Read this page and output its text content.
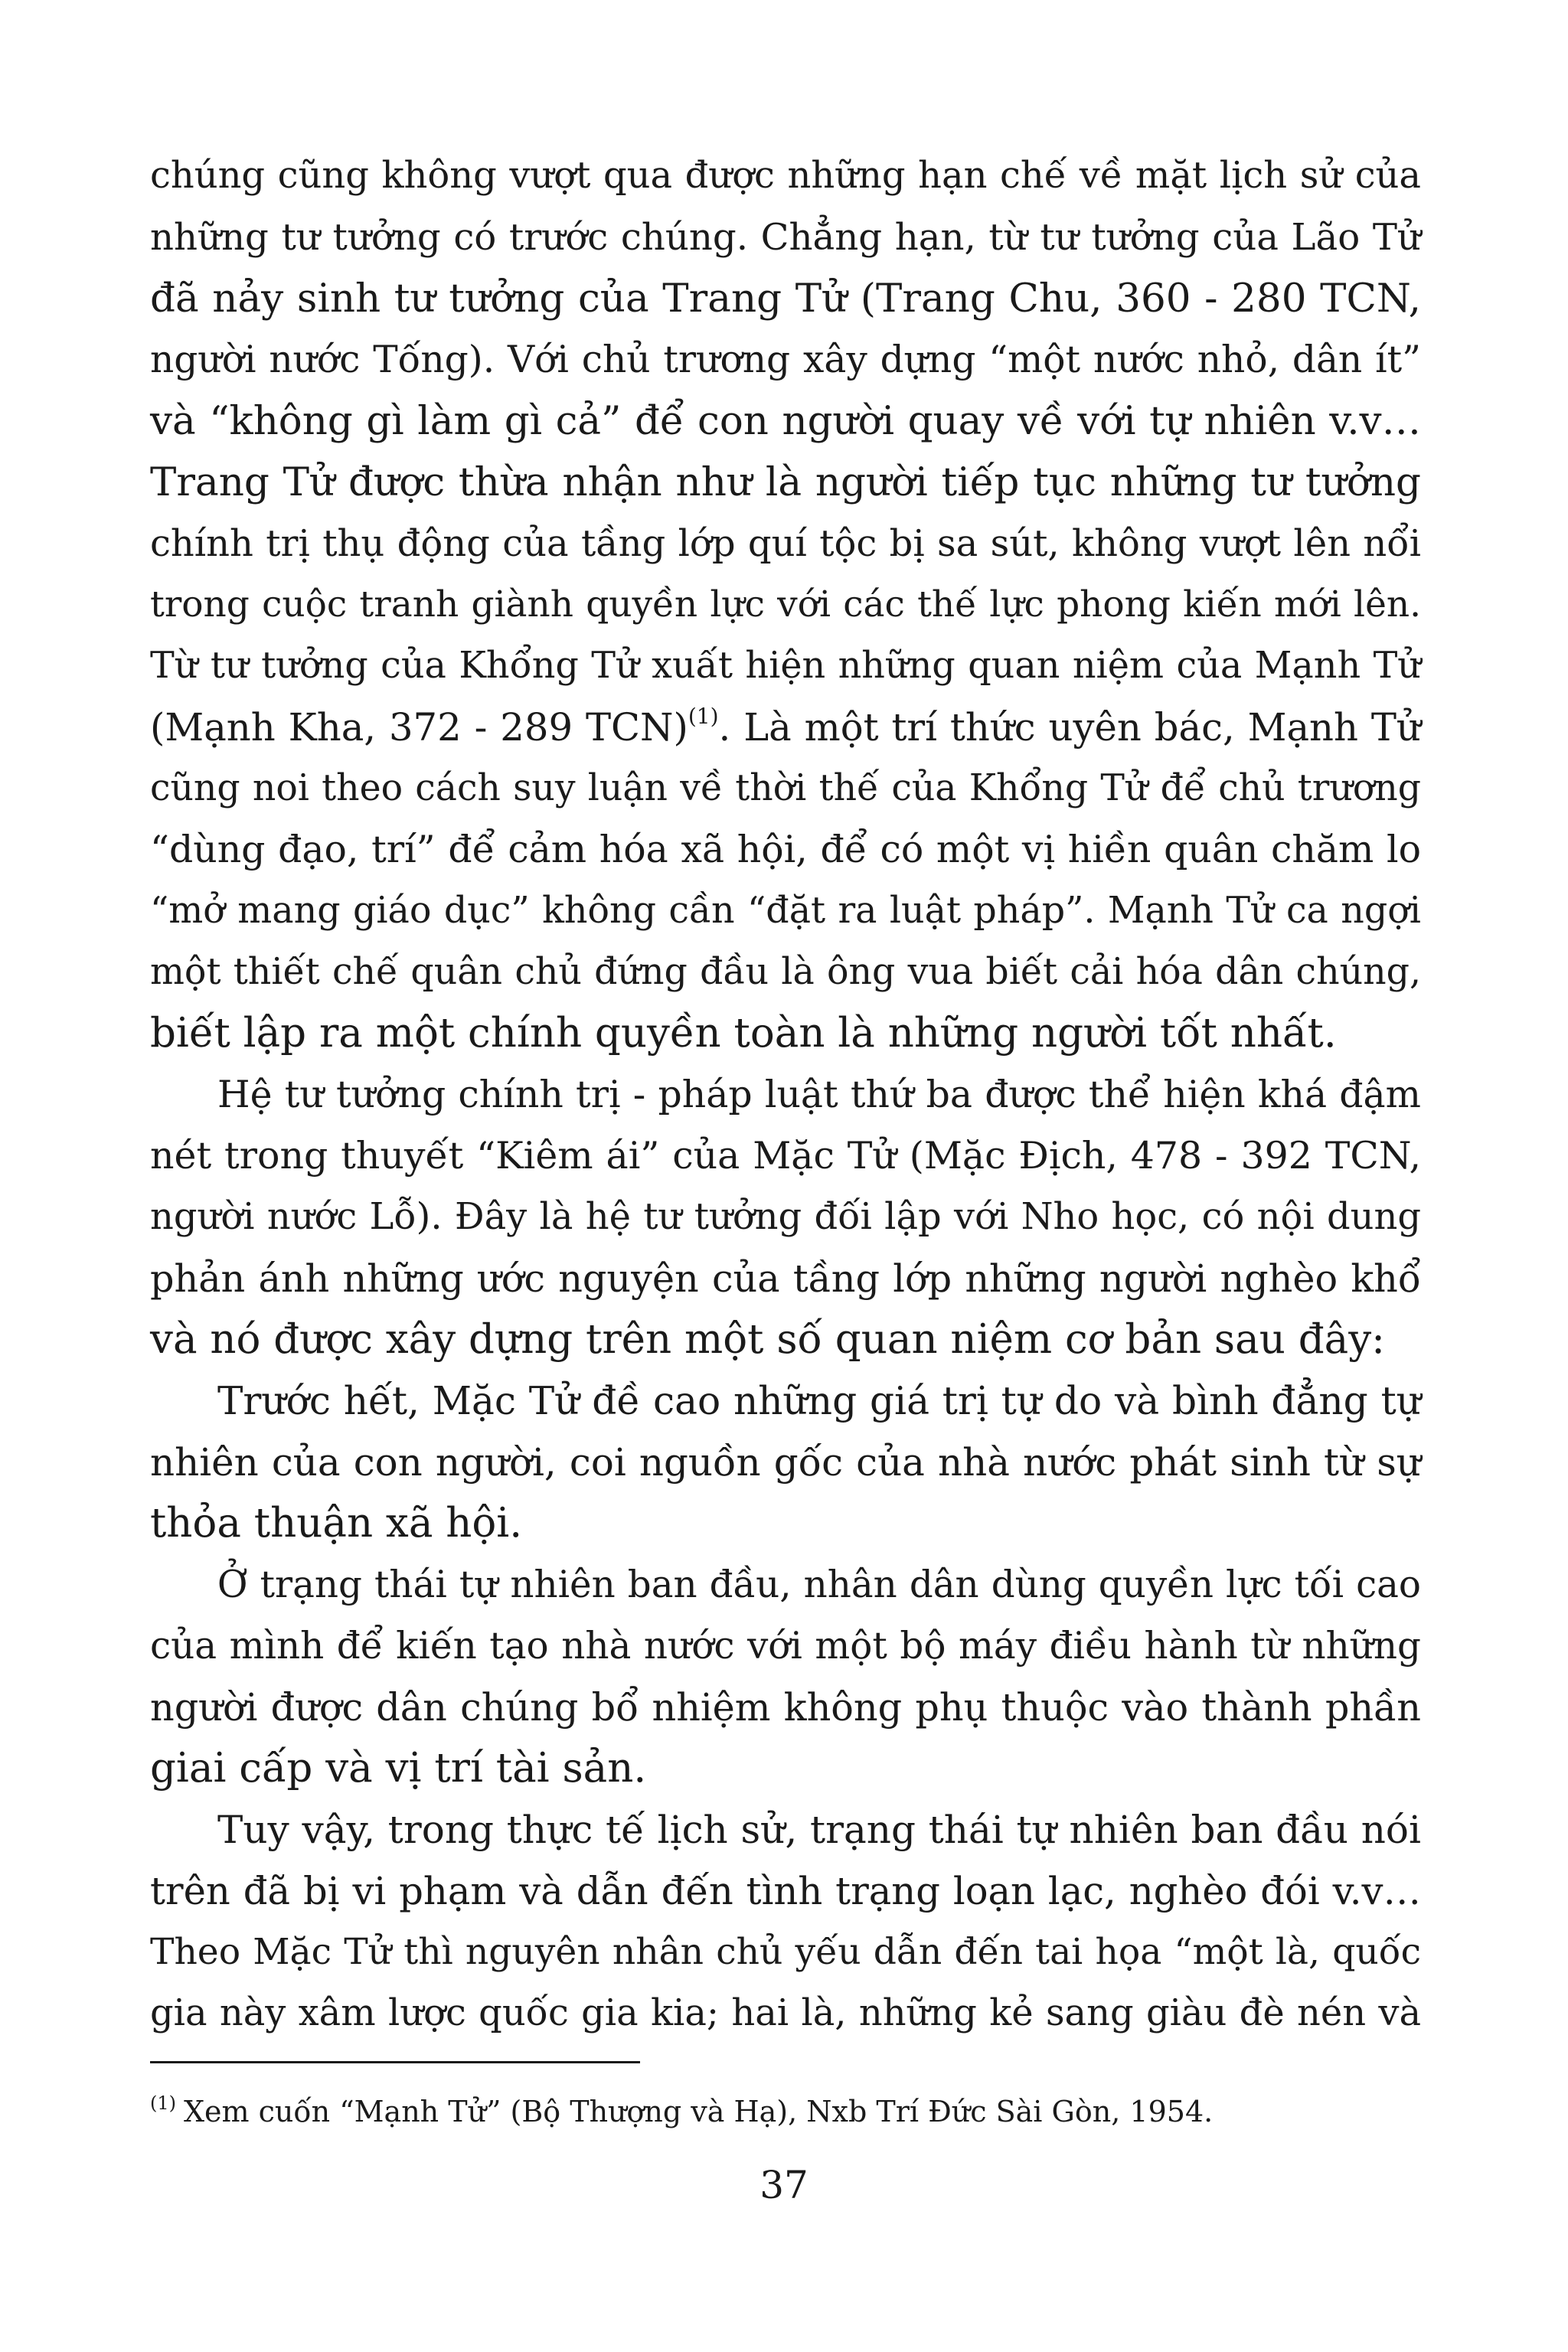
chúng cũng không vượt qua được những hạn chế về mặt lịch sử của
những tư tưởng có trước chúng. Chẳng hạn, từ tư tưởng của Lão Tử
đã nảy sinh tư tưởng của Trang Tử (Trang Chu, 360 - 280 TCN,
người nước Tống). Với chủ trương xây dựng “một nước nhỏ, dân ít”
và “không gì làm gì cả” để con người quay về với tự nhiên v.v…
Trang Tử được thừa nhận như là người tiếp tục những tư tưởng
chính trị thụ động của tầng lớp quí tộc bị sa sút, không vượt lên nổi
trong cuộc tranh giành quyền lực với các thế lực phong kiến mới lên.
Từ tư tưởng của Khổng Tử xuất hiện những quan niệm của Mạnh Tử
(Mạnh Kha, 372 - 289 TCN)$^{(1)}$. Là một trí thức uyên bác, Mạnh Tử
cũng noi theo cách suy luận về thời thế của Khổng Tử để chủ trương
“dùng đạo, trí” để cảm hóa xã hội, để có một vị hiền quân chăm lo
“mở mang giáo dục” không cần “đặt ra luật pháp”. Mạnh Tử ca ngợi
một thiết chế quân chủ đứng đầu là ông vua biết cải hóa dân chúng,
biết lập ra một chính quyền toàn là những người tốt nhất.
Hệ tư tưởng chính trị - pháp luật thứ ba được thể hiện khá đậm
nét trong thuyết “Kiêm ái” của Mặc Tử (Mặc Địch, 478 - 392 TCN,
người nước Lỗ). Đây là hệ tư tưởng đối lập với Nho học, có nội dung
phản ánh những ước nguyện của tầng lớp những người nghèo khổ
và nó được xây dựng trên một số quan niệm cơ bản sau đây:
Trước hết, Mặc Tử đề cao những giá trị tự do và bình đẳng tự
nhiên của con người, coi nguồn gốc của nhà nước phát sinh từ sự
thỏa thuận xã hội.
Ở trạng thái tự nhiên ban đầu, nhân dân dùng quyền lực tối cao
của mình để kiến tạo nhà nước với một bộ máy điều hành từ những
người được dân chúng bổ nhiệm không phụ thuộc vào thành phần
giai cấp và vị trí tài sản.
Tuy vậy, trong thực tế lịch sử, trạng thái tự nhiên ban đầu nói
trên đã bị vi phạm và dẫn đến tình trạng loạn lạc, nghèo đói v.v…
Theo Mặc Tử thì nguyên nhân chủ yếu dẫn đến tai họa “một là, quốc
gia này xâm lược quốc gia kia; hai là, những kẻ sang giàu đè nén và
$^{(1)}$ Xem cuốn “Mạnh Tử” (Bộ Thượng và Hạ), Nxb Trí Đức Sài Gòn, 1954.
37
